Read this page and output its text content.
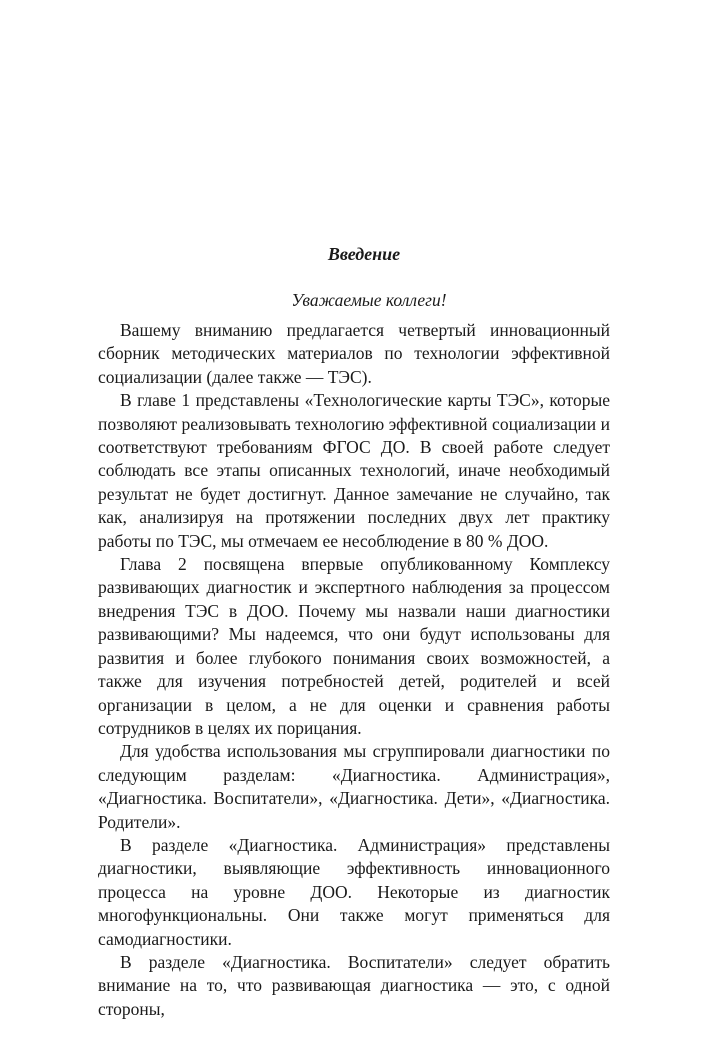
Введение

Уважаемые коллеги!

Вашему вниманию предлагается четвертый инновационный сборник методических материалов по технологии эффективной социализации (далее также — ТЭС).

В главе 1 представлены «Технологические карты ТЭС», которые позволяют реализовывать технологию эффективной социализации и соответствуют требованиям ФГОС ДО. В своей работе следует соблюдать все этапы описанных технологий, иначе необходимый результат не будет достигнут. Данное замечание не случайно, так как, анализируя на протяжении последних двух лет практику работы по ТЭС, мы отмечаем ее несоблюдение в 80 % ДОО.

Глава 2 посвящена впервые опубликованному Комплексу развивающих диагностик и экспертного наблюдения за процессом внедрения ТЭС в ДОО. Почему мы назвали наши диагностики развивающими? Мы надеемся, что они будут использованы для развития и более глубокого понимания своих возможностей, а также для изучения потребностей детей, родителей и всей организации в целом, а не для оценки и сравнения работы сотрудников в целях их порицания.

Для удобства использования мы сгруппировали диагностики по следующим разделам: «Диагностика. Администрация», «Диагностика. Воспитатели», «Диагностика. Дети», «Диагностика. Родители».

В разделе «Диагностика. Администрация» представлены диагностики, выявляющие эффективность инновационного процесса на уровне ДОО. Некоторые из диагностик многофункциональны. Они также могут применяться для самодиагностики.

В разделе «Диагностика. Воспитатели» следует обратить внимание на то, что развивающая диагностика — это, с одной стороны,
